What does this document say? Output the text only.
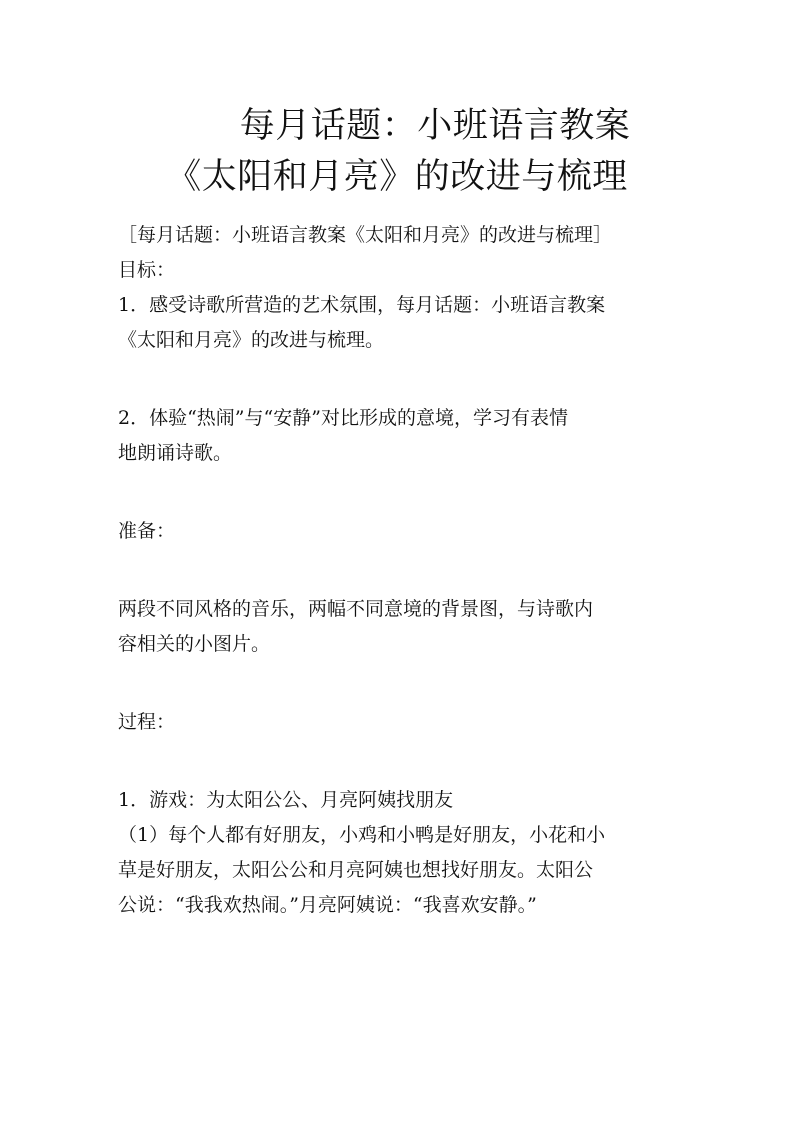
每月话题：小班语言教案
《太阳和月亮》的改进与梳理

［每月话题：小班语言教案《太阳和月亮》的改进与梳理］

目标：

1．感受诗歌所营造的艺术氛围，每月话题：小班语言教案

《太阳和月亮》的改进与梳理。

2．体验“热闹”与“安静”对比形成的意境，学习有表情

地朗诵诗歌。

准备：

两段不同风格的音乐，两幅不同意境的背景图，与诗歌内

容相关的小图片。

过程：

1．游戏：为太阳公公、月亮阿姨找朋友

（1）每个人都有好朋友，小鸡和小鸭是好朋友，小花和小

草是好朋友，太阳公公和月亮阿姨也想找好朋友。太阳公

公说：“我我欢热闹。”月亮阿姨说：“我喜欢安静。”
